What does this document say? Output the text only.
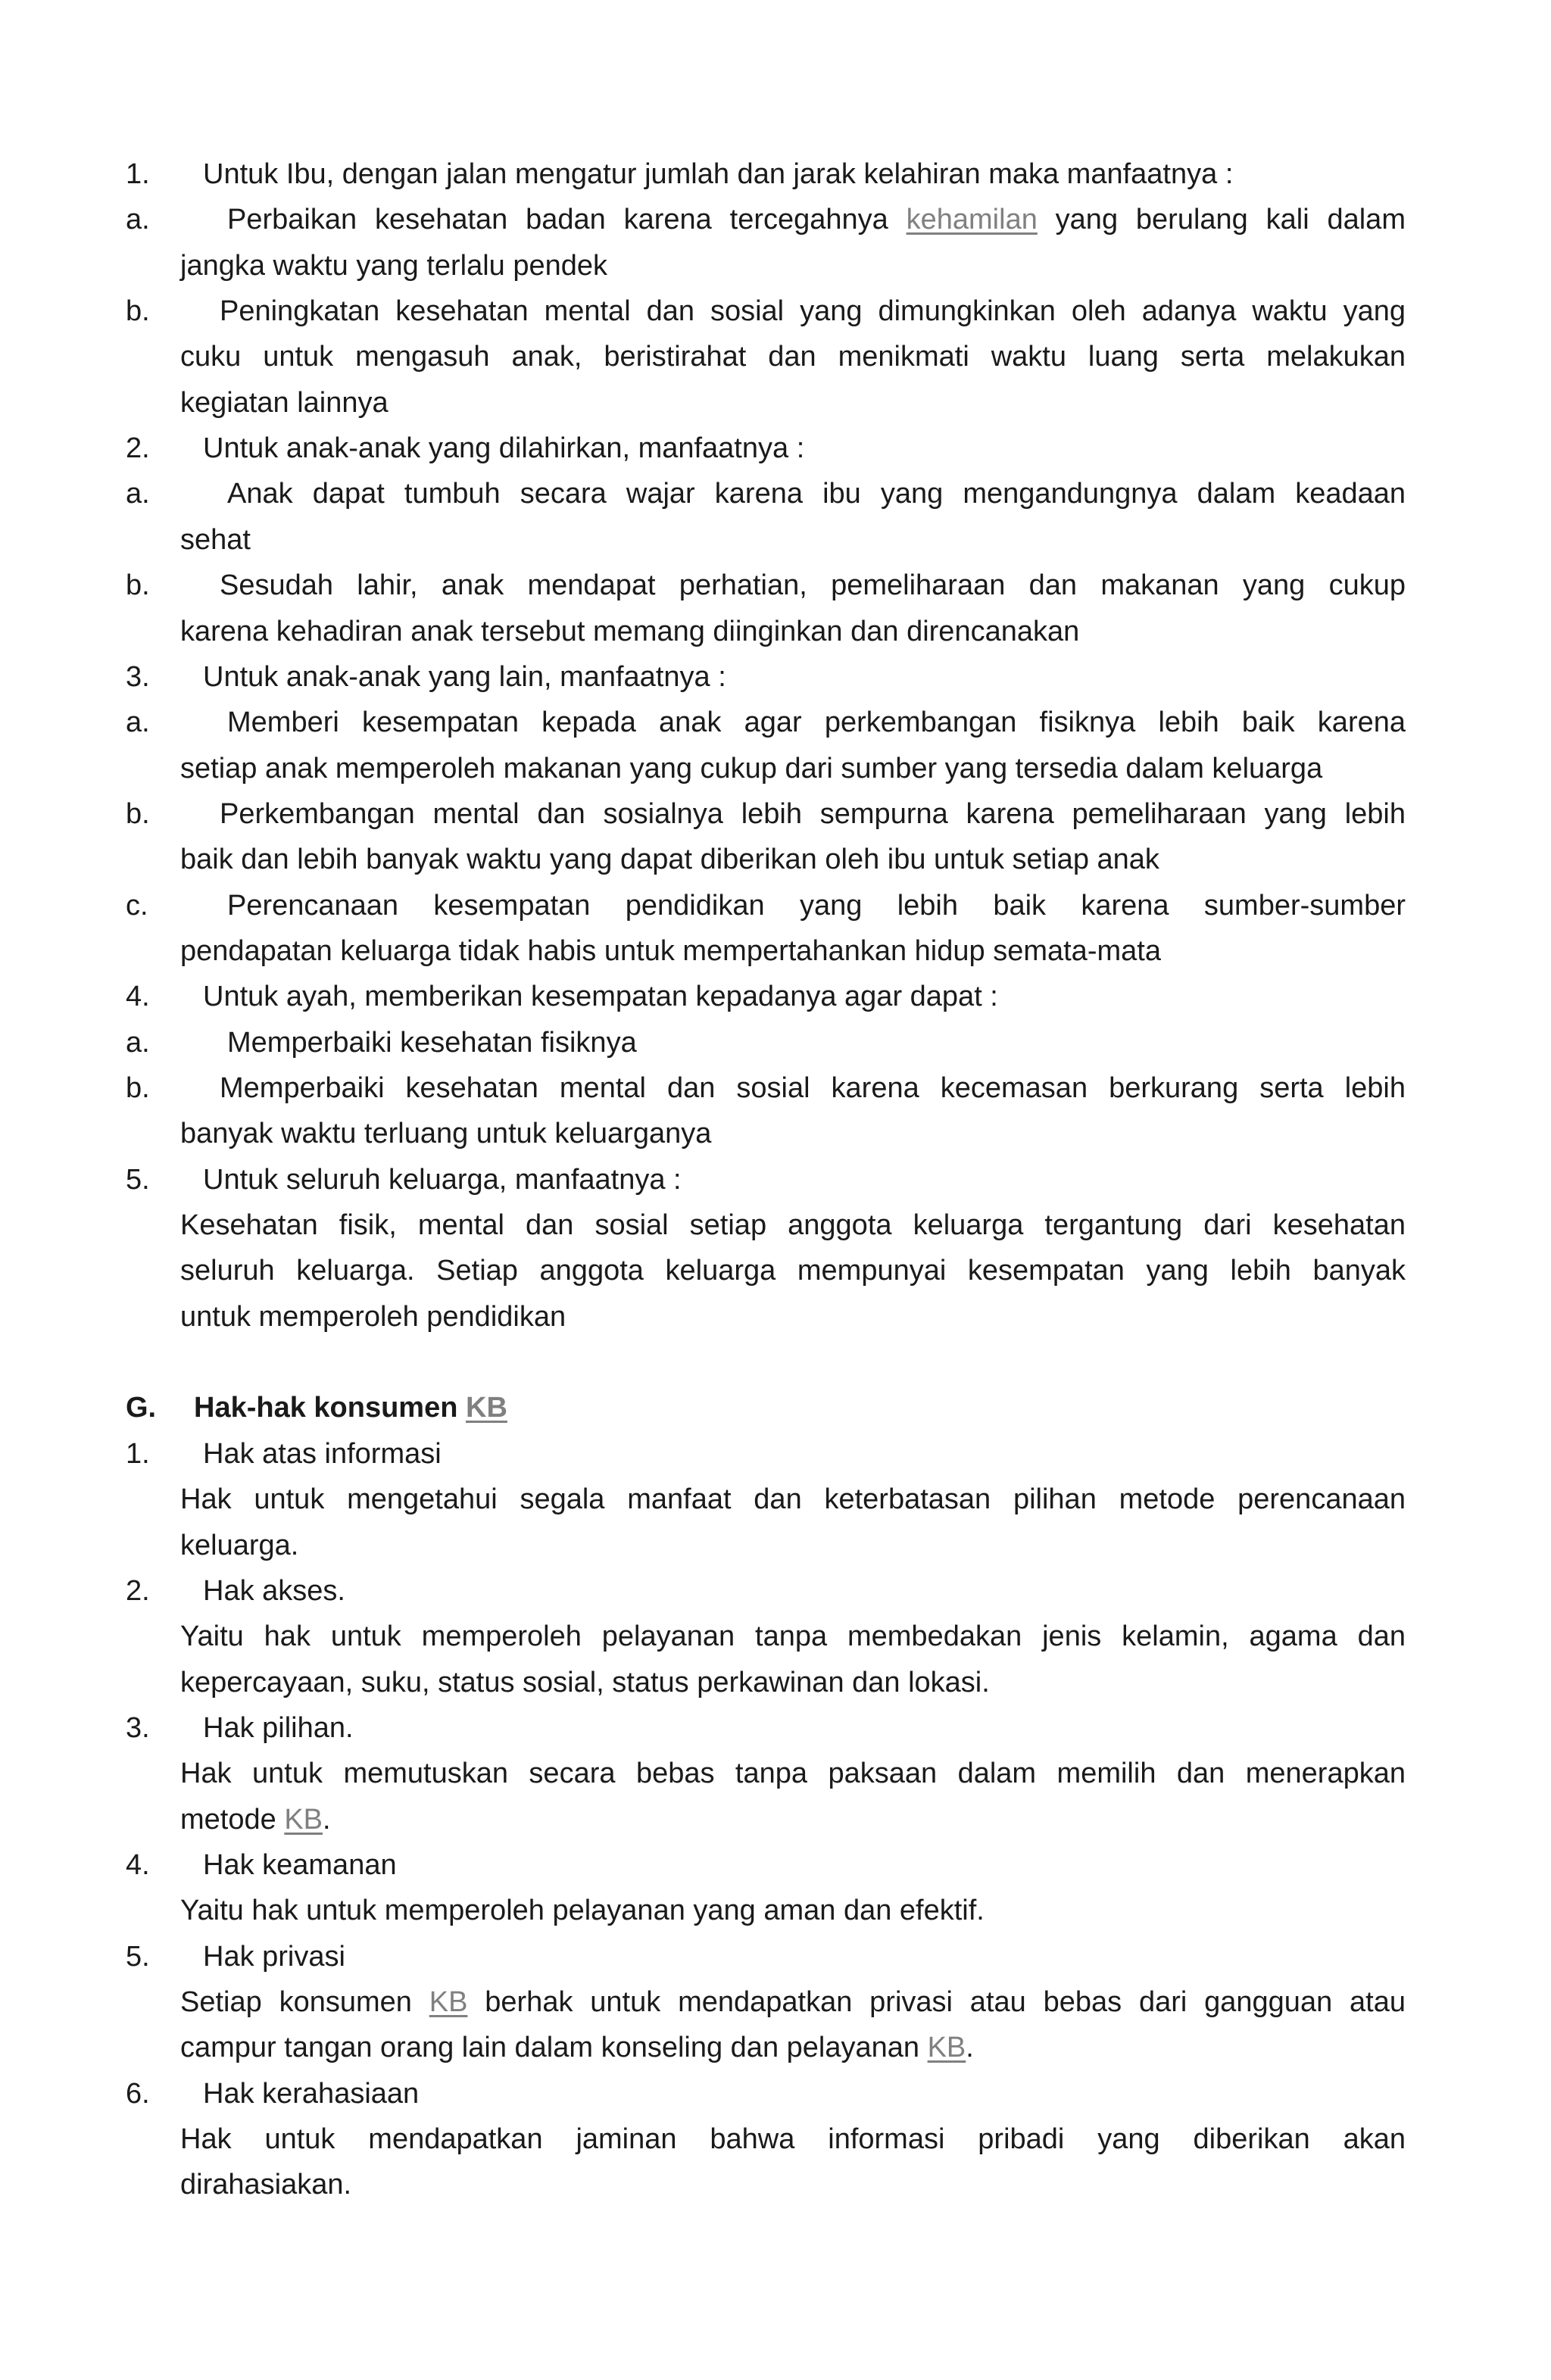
1. Untuk Ibu, dengan jalan mengatur jumlah dan jarak kelahiran maka manfaatnya :
a.	Perbaikan kesehatan badan karena tercegahnya kehamilan yang berulang kali dalam
jangka waktu yang terlalu pendek
b. Peningkatan kesehatan mental dan sosial yang dimungkinkan oleh adanya waktu yang
cuku untuk mengasuh anak, beristirahat dan menikmati waktu luang serta melakukan
kegiatan lainnya
2. Untuk anak-anak yang dilahirkan, manfaatnya :
a.	Anak dapat tumbuh secara wajar karena ibu yang mengandungnya dalam keadaan
sehat
b. Sesudah lahir, anak mendapat perhatian, pemeliharaan dan makanan yang cukup
karena kehadiran anak tersebut memang diinginkan dan direncanakan
3. Untuk anak-anak yang lain, manfaatnya :
a.	Memberi kesempatan kepada anak agar perkembangan fisiknya lebih baik karena
setiap anak memperoleh makanan yang cukup dari sumber yang tersedia dalam keluarga
b. Perkembangan mental dan sosialnya lebih sempurna karena pemeliharaan yang lebih
baik dan lebih banyak waktu yang dapat diberikan oleh ibu untuk setiap anak
c.	Perencanaan kesempatan pendidikan yang lebih baik karena sumber-sumber
pendapatan keluarga tidak habis untuk mempertahankan hidup semata-mata
4. Untuk ayah, memberikan kesempatan kepadanya agar dapat :
a.	Memperbaiki kesehatan fisiknya
b. Memperbaiki kesehatan mental dan sosial karena kecemasan berkurang serta lebih
banyak waktu terluang untuk keluarganya
5. Untuk seluruh keluarga, manfaatnya :
Kesehatan fisik, mental dan sosial setiap anggota keluarga tergantung dari kesehatan
seluruh keluarga. Setiap anggota keluarga mempunyai kesempatan yang lebih banyak
untuk memperoleh pendidikan
G. Hak-hak konsumen KB
1. Hak atas informasi
Hak untuk mengetahui segala manfaat dan keterbatasan pilihan metode perencanaan
keluarga.
2. Hak akses.
Yaitu hak untuk memperoleh pelayanan tanpa membedakan jenis kelamin, agama dan
kepercayaan, suku, status sosial, status perkawinan dan lokasi.
3. Hak pilihan.
Hak untuk memutuskan secara bebas tanpa paksaan dalam memilih dan menerapkan
metode KB.
4. Hak keamanan
Yaitu hak untuk memperoleh pelayanan yang aman dan efektif.
5. Hak privasi
Setiap konsumen KB berhak untuk mendapatkan privasi atau bebas dari gangguan atau
campur tangan orang lain dalam konseling dan pelayanan KB.
6. Hak kerahasiaan
Hak untuk mendapatkan jaminan bahwa informasi pribadi yang diberikan akan
dirahasiakan.
